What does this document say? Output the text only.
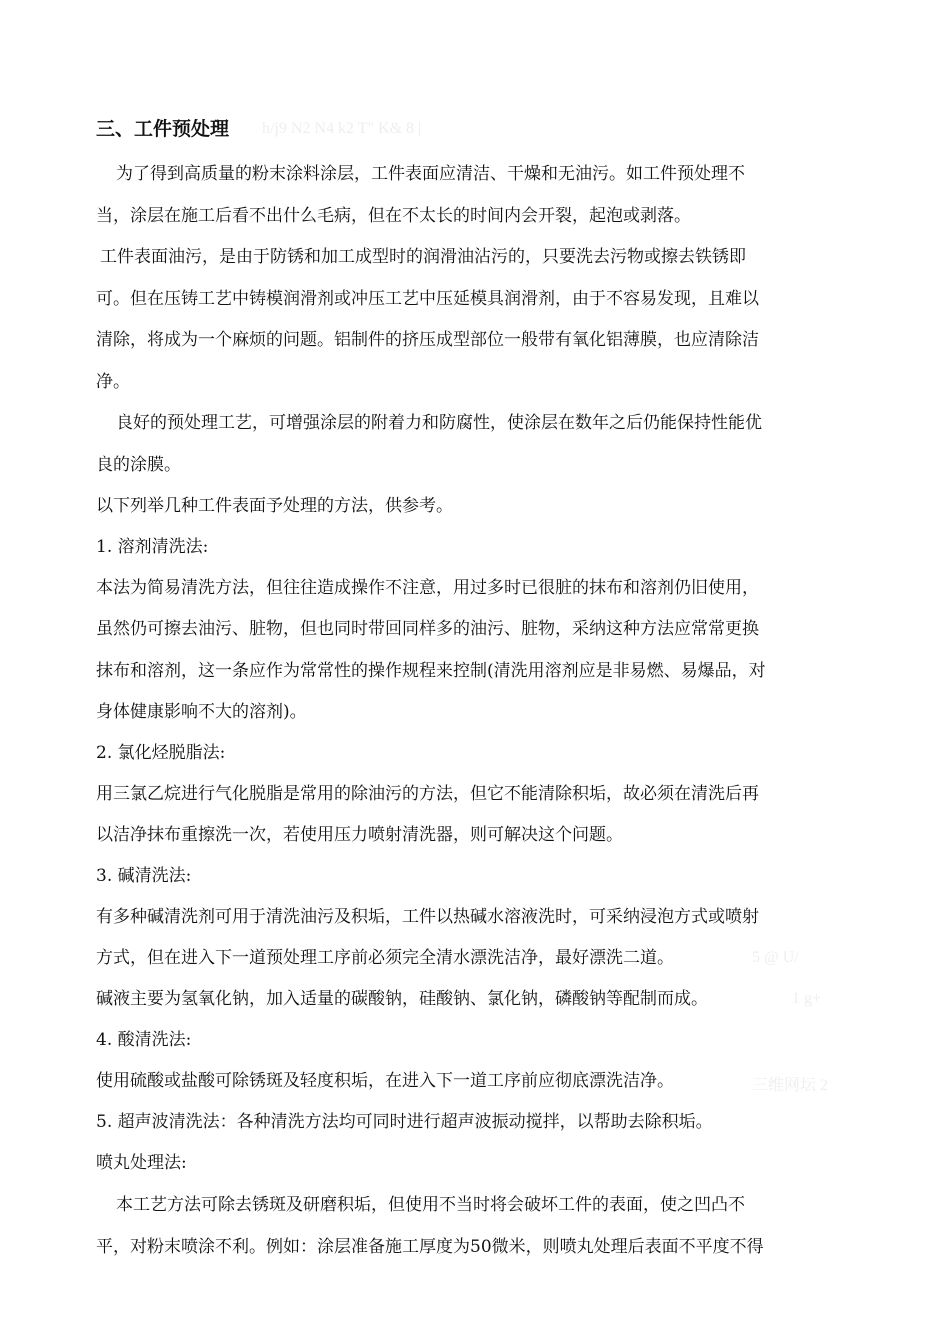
三、工件预处理 h/j9 N2 N4 k2 T" K& 8 |
为了得到高质量的粉末涂料涂层，工件表面应清洁、干燥和无油污。如工件预处理不
当，涂层在施工后看不出什么毛病，但在不太长的时间内会开裂，起泡或剥落。
工件表面油污，是由于防锈和加工成型时的润滑油沾污的，只要洗去污物或擦去铁锈即
可。但在压铸工艺中铸模润滑剂或冲压工艺中压延模具润滑剂，由于不容易发现，且难以
清除，将成为一个麻烦的问题。铝制件的挤压成型部位一般带有氧化铝薄膜，也应清除洁
净。
良好的预处理工艺，可增强涂层的附着力和防腐性，使涂层在数年之后仍能保持性能优
良的涂膜。
以下列举几种工件表面予处理的方法，供参考。
1. 溶剂清洗法:
本法为简易清洗方法，但往往造成操作不注意，用过多时已很脏的抹布和溶剂仍旧使用，
虽然仍可擦去油污、脏物，但也同时带回同样多的油污、脏物，采纳这种方法应常常更换
抹布和溶剂，这一条应作为常常性的操作规程来控制(清洗用溶剂应是非易燃、易爆品，对
身体健康影响不大的溶剂)。
2. 氯化烃脱脂法:
用三氯乙烷进行气化脱脂是常用的除油污的方法，但它不能清除积垢，故必须在清洗后再
以洁净抹布重擦洗一次，若使用压力喷射清洗器，则可解决这个问题。
3. 碱清洗法:
有多种碱清洗剂可用于清洗油污及积垢，工件以热碱水溶液洗时，可采纳浸泡方式或喷射
方式，但在进入下一道预处理工序前必须完全清水漂洗洁净，最好漂洗二道。	5 @ U/
碱液主要为氢氧化钠，加入适量的碳酸钠，硅酸钠、氯化钠，磷酸钠等配制而成。	1 g+
4. 酸清洗法:
使用硫酸或盐酸可除锈斑及轻度积垢，在进入下一道工序前应彻底漂洗洁净。	三维网坛 2
5. 超声波清洗法：各种清洗方法均可同时进行超声波振动搅拌，以帮助去除积垢。
喷丸处理法:
本工艺方法可除去锈斑及研磨积垢，但使用不当时将会破坏工件的表面，使之凹凸不
平，对粉末喷涂不利。例如：涂层准备施工厚度为50微米，则喷丸处理后表面不平度不得
